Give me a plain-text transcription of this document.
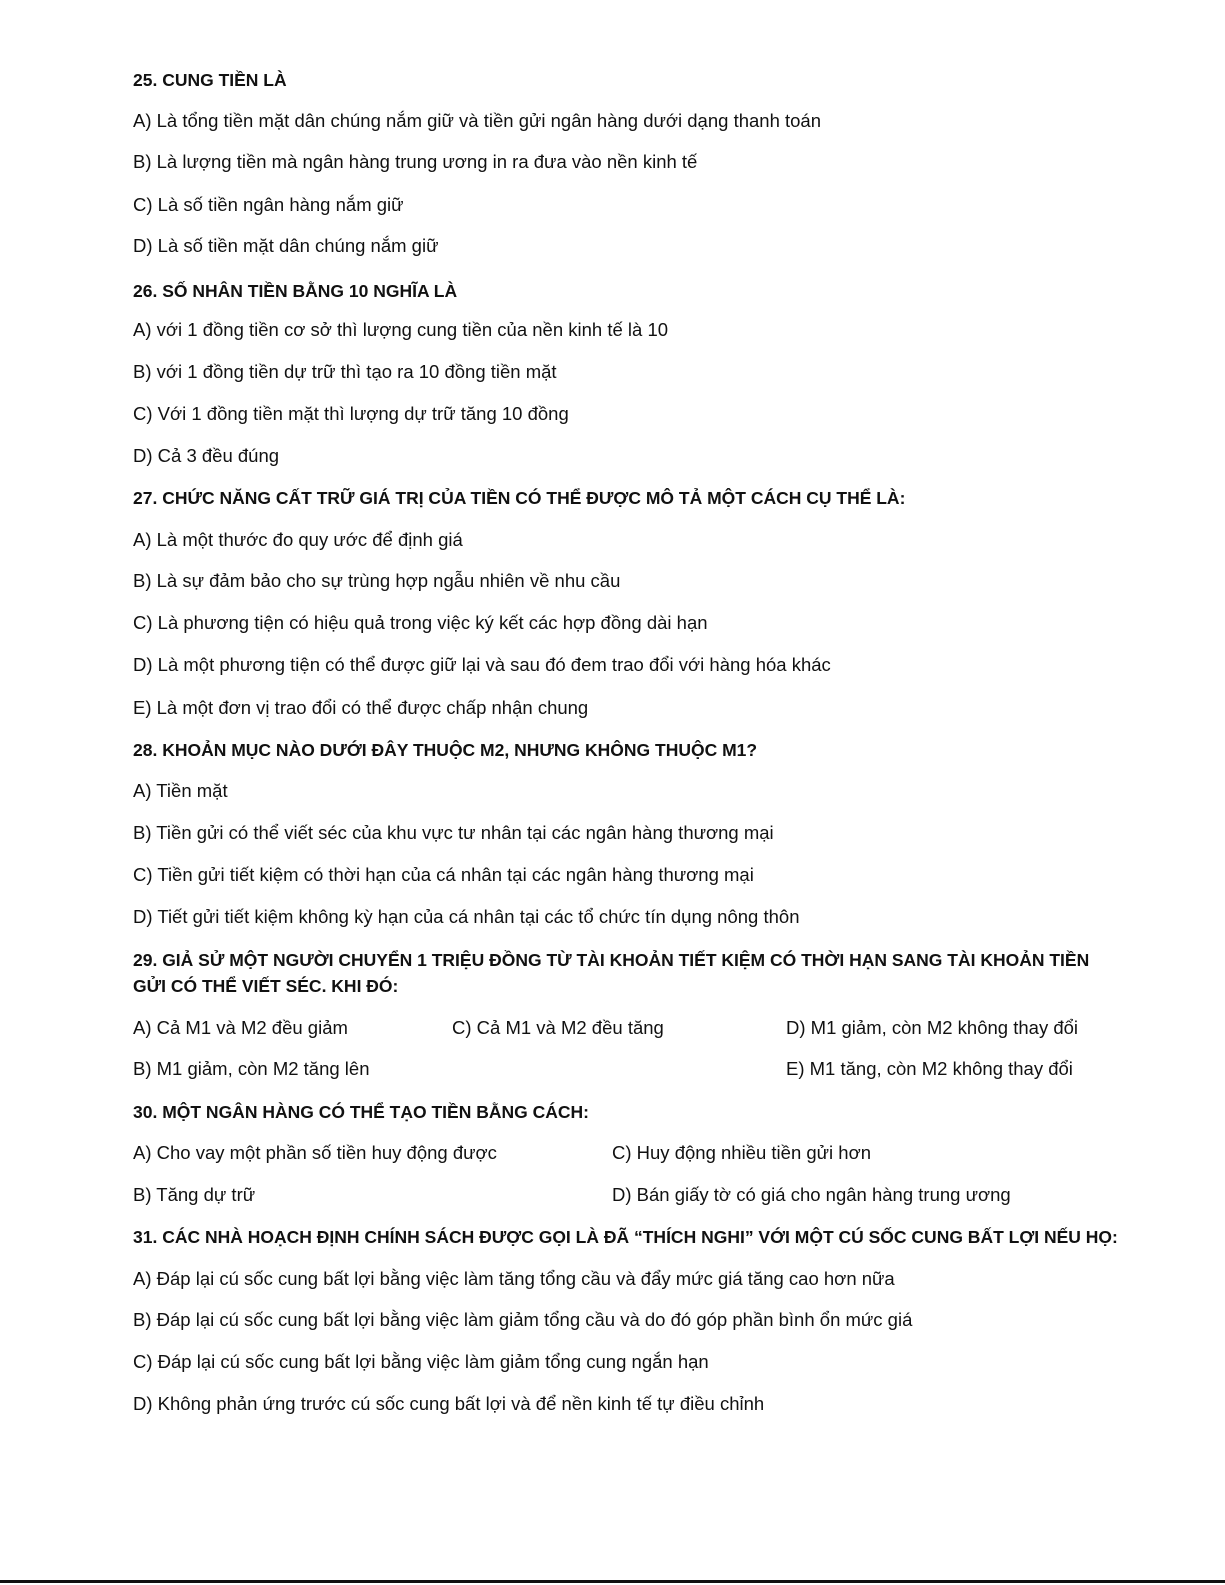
25. CUNG TIỀN LÀ
A) Là tổng tiền mặt dân chúng nắm giữ và tiền gửi ngân hàng dưới dạng thanh toán
B) Là lượng tiền mà ngân hàng trung ương in ra đưa vào nền kinh tế
C) Là số tiền ngân hàng nắm giữ
D) Là số tiền mặt dân chúng nắm giữ
26. SỐ NHÂN TIỀN BẰNG 10 NGHĨA LÀ
A) với 1 đồng tiền cơ sở thì lượng cung tiền của nền kinh tế là 10
B) với 1 đồng tiền dự trữ thì tạo ra 10 đồng tiền mặt
C) Với 1 đồng tiền mặt thì lượng dự trữ tăng 10 đồng
D) Cả 3 đều đúng
27. CHỨC NĂNG CẤT TRỮ GIÁ TRỊ CỦA TIỀN CÓ THỂ ĐƯỢC MÔ TẢ MỘT CÁCH CỤ THỂ LÀ:
A) Là một thước đo quy ước để định giá
B) Là sự đảm bảo cho sự trùng hợp ngẫu nhiên về nhu cầu
C) Là phương tiện có hiệu quả trong việc ký kết các hợp đồng dài hạn
D) Là một phương tiện có thể được giữ lại và sau đó đem trao đổi với hàng hóa khác
E) Là một đơn vị trao đổi có thể được chấp nhận chung
28. KHOẢN MỤC NÀO DƯỚI ĐÂY THUỘC M2, NHƯNG KHÔNG THUỘC M1?
A) Tiền mặt
B) Tiền gửi có thể viết séc của khu vực tư nhân tại các ngân hàng thương mại
C) Tiền gửi tiết kiệm có thời hạn của cá nhân tại các ngân hàng thương mại
D) Tiết gửi tiết kiệm không kỳ hạn của cá nhân tại các tổ chức tín dụng nông thôn
29. GIẢ SỬ MỘT NGƯỜI CHUYỂN 1 TRIỆU ĐỒNG TỪ TÀI KHOẢN TIẾT KIỆM CÓ THỜI HẠN SANG TÀI KHOẢN TIỀN GỬI CÓ THỂ VIẾT SÉC. KHI ĐÓ:
A) Cả M1 và M2 đều giảm	C) Cả M1 và M2 đều tăng	D) M1 giảm, còn M2 không thay đổi
B) M1 giảm, còn M2 tăng lên	E) M1 tăng, còn M2 không thay đổi
30. MỘT NGÂN HÀNG CÓ THỂ TẠO TIỀN BẰNG CÁCH:
A) Cho vay một phần số tiền huy động được	C) Huy động nhiều tiền gửi hơn
B) Tăng dự trữ	D) Bán giấy tờ có giá cho ngân hàng trung ương
31. CÁC NHÀ HOẠCH ĐỊNH CHÍNH SÁCH ĐƯỢC GỌI LÀ ĐÃ “THÍCH NGHI” VỚI MỘT CÚ SỐC CUNG BẤT LỢI NẾU HỌ:
A) Đáp lại cú sốc cung bất lợi bằng việc làm tăng tổng cầu và đẩy mức giá tăng cao hơn nữa
B) Đáp lại cú sốc cung bất lợi bằng việc làm giảm tổng cầu và do đó góp phần bình ổn mức giá
C) Đáp lại cú sốc cung bất lợi bằng việc làm giảm tổng cung ngắn hạn
D) Không phản ứng trước cú sốc cung bất lợi và để nền kinh tế tự điều chỉnh
